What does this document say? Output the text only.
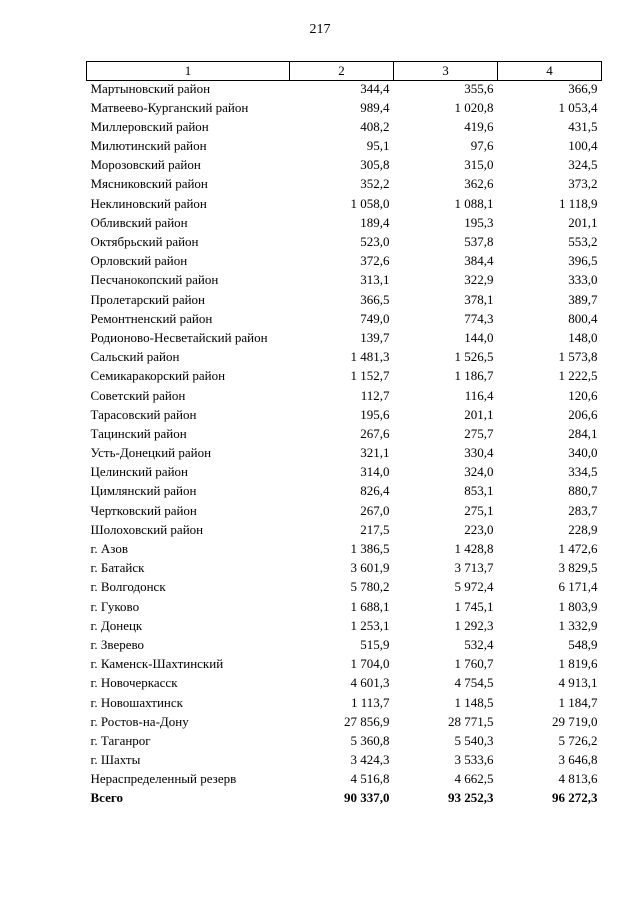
217
1	2	3	4
Мартыновский район	344,4	355,6	366,9
Матвеево-Курганский район	989,4	1 020,8	1 053,4
Миллеровский район	408,2	419,6	431,5
Милютинский район	95,1	97,6	100,4
Морозовский район	305,8	315,0	324,5
Мясниковский район	352,2	362,6	373,2
Неклиновский район	1 058,0	1 088,1	1 118,9
Обливский район	189,4	195,3	201,1
Октябрьский район	523,0	537,8	553,2
Орловский район	372,6	384,4	396,5
Песчанокопский район	313,1	322,9	333,0
Пролетарский район	366,5	378,1	389,7
Ремонтненский район	749,0	774,3	800,4
Родионово-Несветайский район	139,7	144,0	148,0
Сальский район	1 481,3	1 526,5	1 573,8
Семикаракорский район	1 152,7	1 186,7	1 222,5
Советский район	112,7	116,4	120,6
Тарасовский район	195,6	201,1	206,6
Тацинский район	267,6	275,7	284,1
Усть-Донецкий район	321,1	330,4	340,0
Целинский район	314,0	324,0	334,5
Цимлянский район	826,4	853,1	880,7
Чертковский район	267,0	275,1	283,7
Шолоховский район	217,5	223,0	228,9
г. Азов	1 386,5	1 428,8	1 472,6
г. Батайск	3 601,9	3 713,7	3 829,5
г. Волгодонск	5 780,2	5 972,4	6 171,4
г. Гуково	1 688,1	1 745,1	1 803,9
г. Донецк	1 253,1	1 292,3	1 332,9
г. Зверево	515,9	532,4	548,9
г. Каменск-Шахтинский	1 704,0	1 760,7	1 819,6
г. Новочеркасск	4 601,3	4 754,5	4 913,1
г. Новошахтинск	1 113,7	1 148,5	1 184,7
г. Ростов-на-Дону	27 856,9	28 771,5	29 719,0
г. Таганрог	5 360,8	5 540,3	5 726,2
г. Шахты	3 424,3	3 533,6	3 646,8
Нераспределенный резерв	4 516,8	4 662,5	4 813,6
Всего	90 337,0	93 252,3	96 272,3
